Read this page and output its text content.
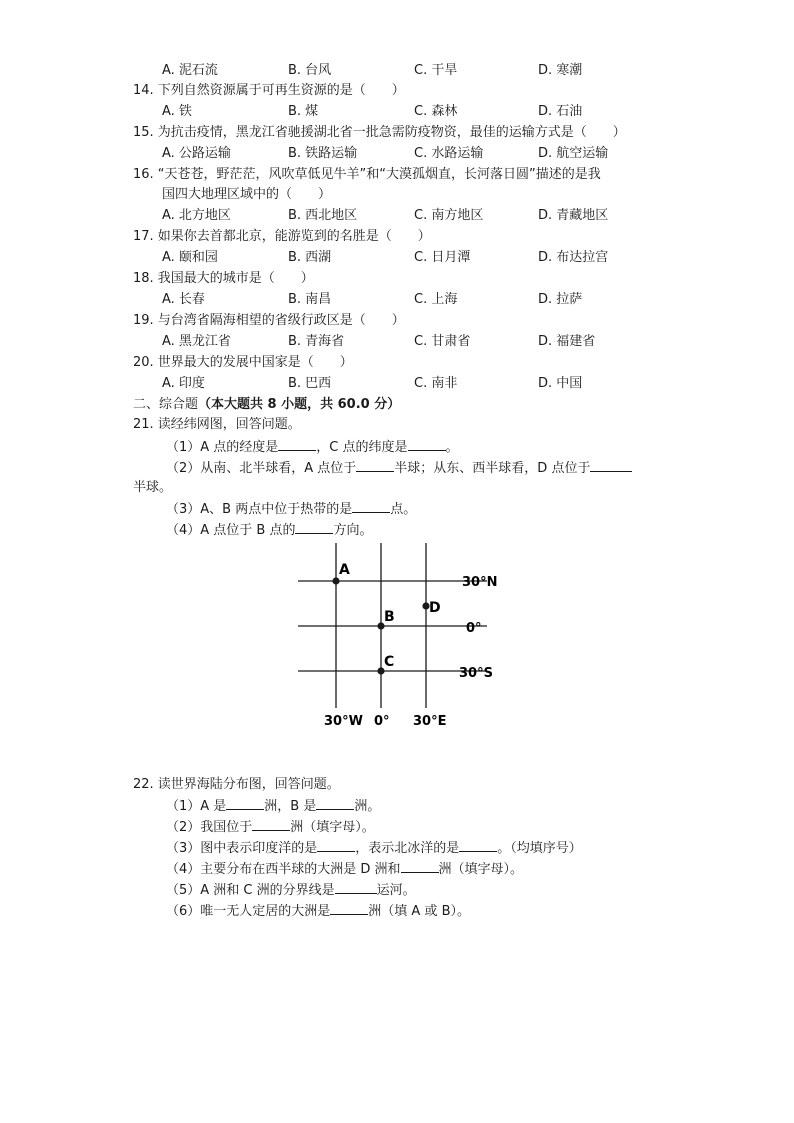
A. 泥石流	B. 台风	C. 干旱	D. 寒潮
14. 下列自然资源属于可再生资源的是（　　）
A. 铁	B. 煤	C. 森林	D. 石油
15. 为抗击疫情，黑龙江省驰援湖北省一批急需防疫物资，最佳的运输方式是（　　）
A. 公路运输	B. 铁路运输	C. 水路运输	D. 航空运输
16. “天苍苍，野茫茫，风吹草低见牛羊”和“大漠孤烟直，长河落日圆”描述的是我
国四大地理区域中的（　　）
A. 北方地区	B. 西北地区	C. 南方地区	D. 青藏地区
17. 如果你去首都北京，能游览到的名胜是（　　）
A. 颐和园	B. 西湖	C. 日月潭	D. 布达拉宫
18. 我国最大的城市是（　　）
A. 长春	B. 南昌	C. 上海	D. 拉萨
19. 与台湾省隔海相望的省级行政区是（　　）
A. 黑龙江省	B. 青海省	C. 甘肃省	D. 福建省
20. 世界最大的发展中国家是（　　）
A. 印度	B. 巴西	C. 南非	D. 中国
二、综合题（本大题共 8 小题，共 60.0 分）
21. 读经纬网图，回答问题。
（1）A 点的经度是	，C 点的纬度是	。
（2）从南、北半球看，A 点位于	半球；从东、西半球看，D 点位于
半球。
（3）A、B 两点中位于热带的是	点。
（4）A 点位于 B 点的	方向。
A
B
C
D
30°N
0°
30°S
30°W 0° 30°E
22. 读世界海陆分布图，回答问题。
（1）A 是	洲，B 是	洲。
（2）我国位于	洲（填字母）。
（3）图中表示印度洋的是	，表示北冰洋的是	。（均填序号）
（4）主要分布在西半球的大洲是 D 洲和	洲（填字母）。
（5）A 洲和 C 洲的分界线是	运河。
（6）唯一无人定居的大洲是	洲（填 A 或 B）。
